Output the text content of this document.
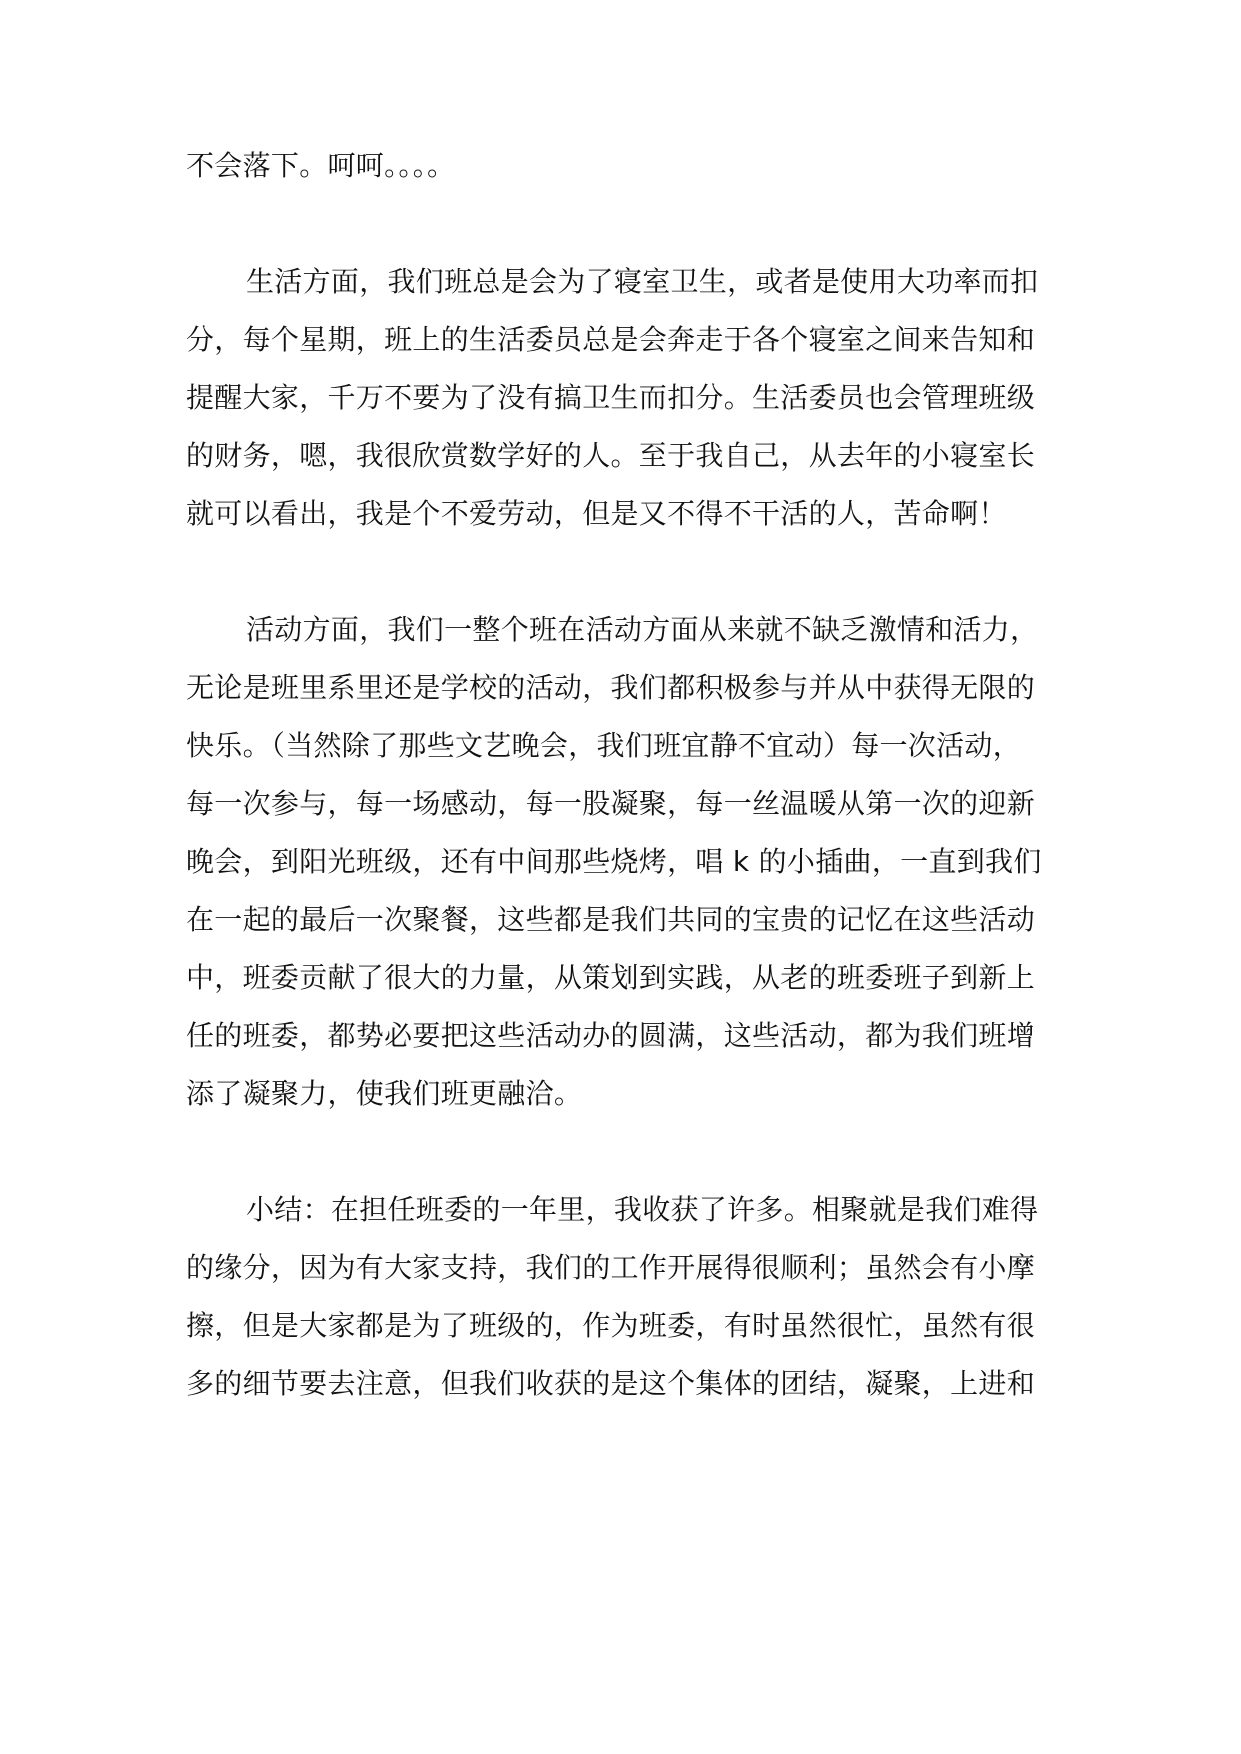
不会落下。呵呵。。。。
生活方面，我们班总是会为了寝室卫生，或者是使用大功率而扣
分，每个星期，班上的生活委员总是会奔走于各个寝室之间来告知和
提醒大家，千万不要为了没有搞卫生而扣分。生活委员也会管理班级
的财务，嗯，我很欣赏数学好的人。至于我自己，从去年的小寝室长
就可以看出，我是个不爱劳动，但是又不得不干活的人，苦命啊！
活动方面，我们一整个班在活动方面从来就不缺乏激情和活力，
无论是班里系里还是学校的活动，我们都积极参与并从中获得无限的
快乐。（当然除了那些文艺晚会，我们班宜静不宜动）每一次活动，
每一次参与，每一场感动，每一股凝聚，每一丝温暖从第一次的迎新
晚会，到阳光班级，还有中间那些烧烤，唱 k 的小插曲，一直到我们
在一起的最后一次聚餐，这些都是我们共同的宝贵的记忆在这些活动
中，班委贡献了很大的力量，从策划到实践，从老的班委班子到新上
任的班委，都势必要把这些活动办的圆满，这些活动，都为我们班增
添了凝聚力，使我们班更融洽。
小结：在担任班委的一年里，我收获了许多。相聚就是我们难得
的缘分，因为有大家支持，我们的工作开展得很顺利；虽然会有小摩
擦，但是大家都是为了班级的，作为班委，有时虽然很忙，虽然有很
多的细节要去注意，但我们收获的是这个集体的团结，凝聚，上进和
